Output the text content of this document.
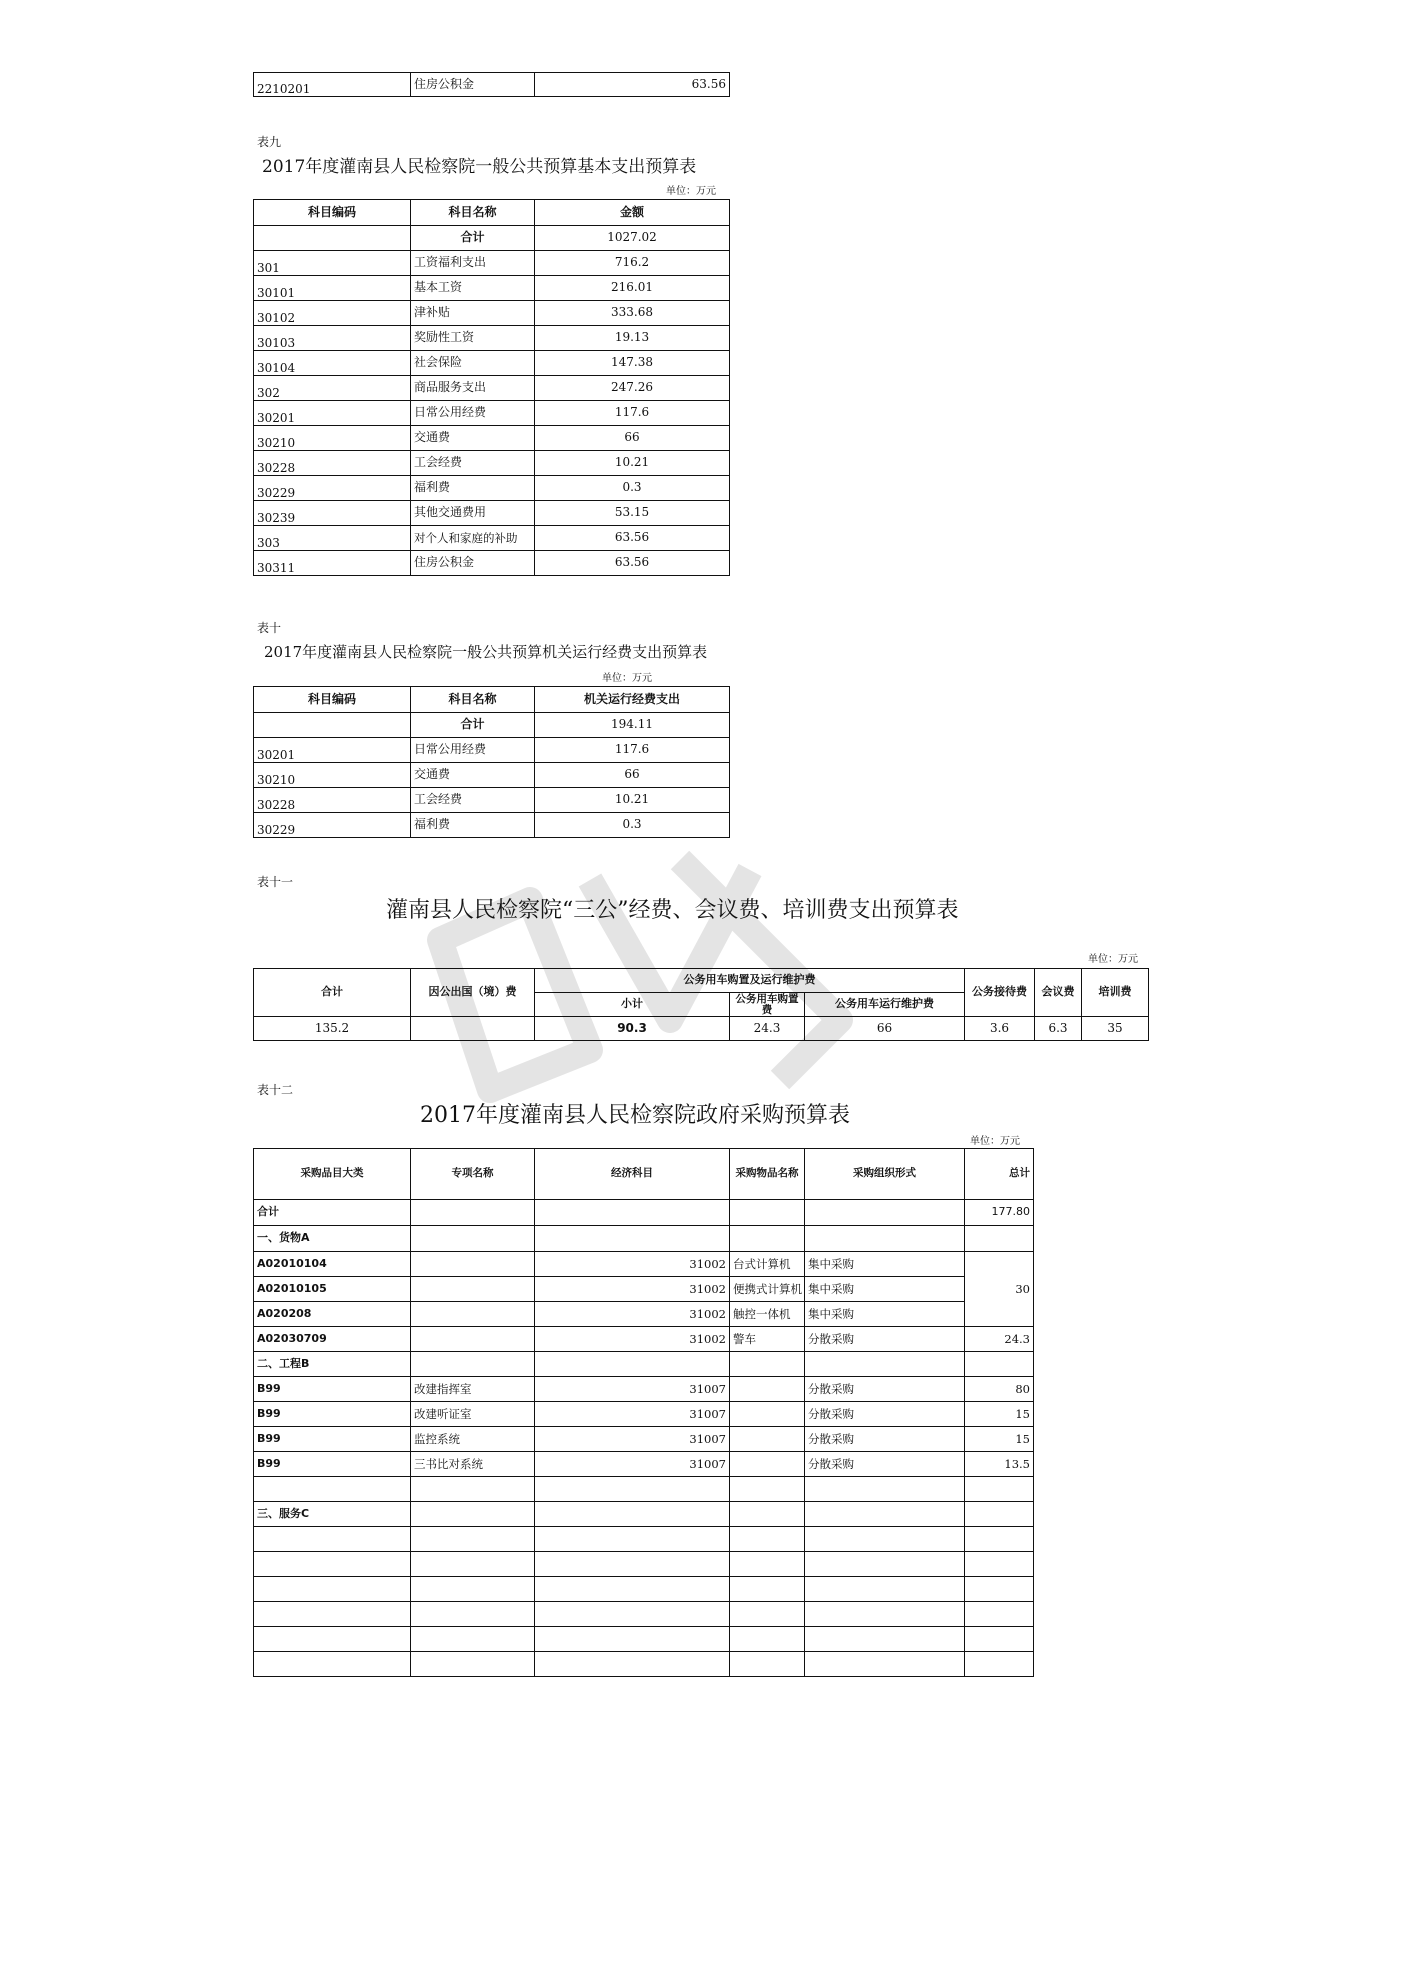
2210201	住房公积金	63.56
表九
2017年度灌南县人民检察院一般公共预算基本支出预算表
单位：万元
科目编码	科目名称	金额
	合计	1027.02
301	工资福利支出	716.2
30101	基本工资	216.01
30102	津补贴	333.68
30103	奖励性工资	19.13
30104	社会保险	147.38
302	商品服务支出	247.26
30201	日常公用经费	117.6
30210	交通费	66
30228	工会经费	10.21
30229	福利费	0.3
30239	其他交通费用	53.15
303	对个人和家庭的补助	63.56
30311	住房公积金	63.56
表十
2017年度灌南县人民检察院一般公共预算机关运行经费支出预算表
单位：万元
科目编码	科目名称	机关运行经费支出
	合计	194.11
30201	日常公用经费	117.6
30210	交通费	66
30228	工会经费	10.21
30229	福利费	0.3
表十一
灌南县人民检察院“三公”经费、会议费、培训费支出预算表
单位：万元
合计	因公出国（境）费	公务用车购置及运行维护费			公务接待费	会议费	培训费
		小计	公务用车购置费	公务用车运行维护费			
135.2		90.3	24.3	66	3.6	6.3	35
表十二
2017年度灌南县人民检察院政府采购预算表
单位：万元
采购品目大类	专项名称	经济科目	采购物品名称	采购组织形式	总计
合计					177.80
一、货物A					
A02010104		31002	台式计算机	集中采购	30
A02010105		31002	便携式计算机	集中采购	
A020208		31002	触控一体机	集中采购	
A02030709		31002	警车	分散采购	24.3
二、工程B					
B99	改建指挥室	31007		分散采购	80
B99	改建听证室	31007		分散采购	15
B99	监控系统	31007		分散采购	15
B99	三书比对系统	31007		分散采购	13.5

三、服务C					
